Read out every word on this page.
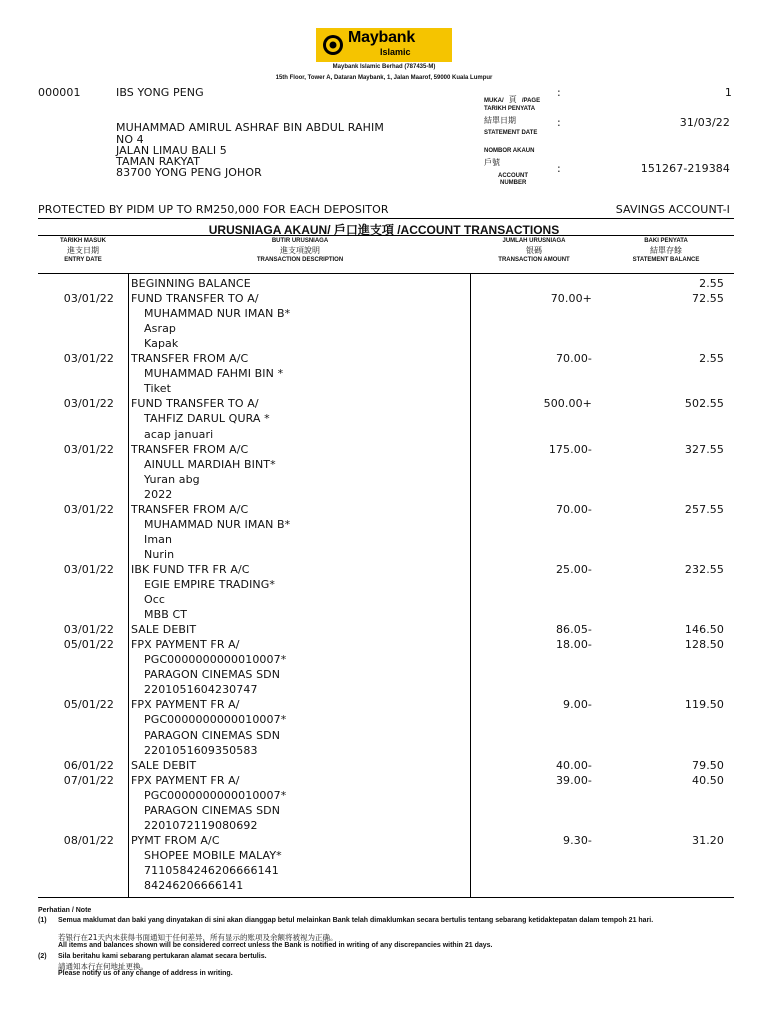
Maybank
Islamic
Maybank Islamic Berhad (787435-M)
15th Floor, Tower A, Dataran Maybank, 1, Jalan Maarof, 59000 Kuala Lumpur
000001	IBS YONG PENG
MUHAMMAD AMIRUL ASHRAF BIN ABDUL RAHIM
NO 4
JALAN LIMAU BALI 5
TAMAN RAKYAT
83700 YONG PENG JOHOR
MUKA/ 頁 /PAGE
:	1
TARIKH PENYATA
結單日期
STATEMENT DATE
:	31/03/22
NOMBOR AKAUN
戶號
ACCOUNT
NUMBER
:	151267-219384
PROTECTED BY PIDM UP TO RM250,000 FOR EACH DEPOSITOR	SAVINGS ACCOUNT-I
URUSNIAGA AKAUN/ 戶口進支項 /ACCOUNT TRANSACTIONS
TARIKH MASUK
進支日期
ENTRY DATE
BUTIR URUSNIAGA
進支項說明
TRANSACTION DESCRIPTION
JUMLAH URUSNIAGA
银碼
TRANSACTION AMOUNT
BAKI PENYATA
結單存餘
STATEMENT BALANCE
BEGINNING BALANCE	2.55
03/01/22 FUND TRANSFER TO A/	70.00+	72.55
MUHAMMAD NUR IMAN B*
Asrap
Kapak
03/01/22 TRANSFER FROM A/C	70.00-	2.55
MUHAMMAD FAHMI BIN *
Tiket
03/01/22 FUND TRANSFER TO A/	500.00+	502.55
TAHFIZ DARUL QURA *
acap januari
03/01/22 TRANSFER FROM A/C	175.00-	327.55
AINULL MARDIAH BINT*
Yuran abg
2022
03/01/22 TRANSFER FROM A/C	70.00-	257.55
MUHAMMAD NUR IMAN B*
Iman
Nurin
03/01/22 IBK FUND TFR FR A/C	25.00-	232.55
EGIE EMPIRE TRADING*
Occ
MBB CT
03/01/22 SALE DEBIT	86.05-	146.50
05/01/22 FPX PAYMENT FR A/	18.00-	128.50
PGC0000000000010007*
PARAGON CINEMAS SDN
2201051604230747
05/01/22 FPX PAYMENT FR A/	9.00-	119.50
PGC0000000000010007*
PARAGON CINEMAS SDN
2201051609350583
06/01/22 SALE DEBIT	40.00-	79.50
07/01/22 FPX PAYMENT FR A/	39.00-	40.50
PGC0000000000010007*
PARAGON CINEMAS SDN
2201072119080692
08/01/22 PYMT FROM A/C	9.30-	31.20
SHOPEE MOBILE MALAY*
7110584246206666141
84246206666141
Perhatian / Note
(1) Semua maklumat dan baki yang dinyatakan di sini akan dianggap betul melainkan Bank telah dimaklumkan secara bertulis tentang sebarang ketidaktepatan dalam tempoh 21 hari.
若银行在21天内未获得书面通知于任何差异，所有显示的账项及余额将被视为正确。
All items and balances shown will be considered correct unless the Bank is notified in writing of any discrepancies within 21 days.
(2) Sila beritahu kami sebarang pertukaran alamat secara bertulis.
請通知本行在何地址更換。
Please notify us of any change of address in writing.
